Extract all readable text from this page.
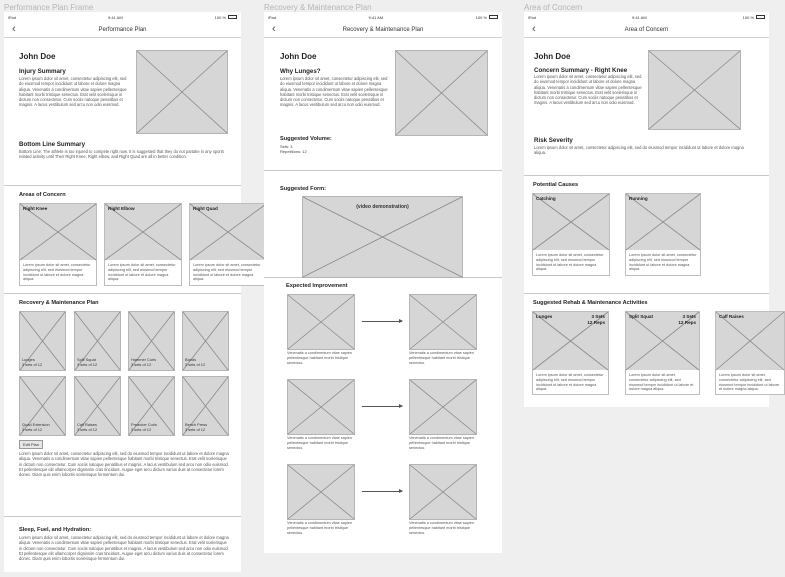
Performance Plan Frame	Recovery & Maintenance Plan	Area of Concern
iPad	9:41 AM	100 %
‹	Performance Plan
John Doe
Injury Summary
Lorem ipsum dolor sit amet, consectetur adipiscing elit, sed do eiusmod tempor incididunt ut labore et dolore magna aliqua. Venenatis a condimentum vitae sapien pellentesque habitant morbi tristique senectus. Erat velit scelerisque in dictum non consectetur. Cum sociis natoque penatibus et magnis. A lacus vestibulum sed arcu non odio euismod.
Bottom Line Summary
Bottom Line: The athlete is too injured to compete right now. It is suggested that they do not partake in any sports related activity until Their Right Knee, Right elbow, and Right Quad are all in better condition.
Areas of Concern
Right Knee
Lorem ipsum dolor sit amet, consectetur adipiscing elit, sed eiusmod tempor incididunt ut labore et dolore magna aliqua.
Right Elbow
Lorem ipsum dolor sit amet, consectetur adipiscing elit, sed eiusmod tempor incididunt ut labore et dolore magna aliqua.
Right Quad
Lorem ipsum dolor sit amet, consectetur adipiscing elit, sed eiusmod tempor incididunt ut labore et dolore magna aliqua.
Recovery & Maintenance Plan
Lunges
3 sets of 12
Split Squat
3 sets of 12
Hammer Curls
3 sets of 12
Bands
3 sets of 12
Quad Extension
3 sets of 12
Calf Raises
3 sets of 12
Preacher Curls
3 sets of 12
Bench Press
3 sets of 12
Edit Plan
Lorem ipsum dolor sit amet, consectetur adipiscing elit, sed do eiusmod tempor incididunt ut labore et dolore magna aliqua. Venenatis a condimentum vitae sapien pellentesque habitant morbi tristique senectus. Erat velit scelerisque in dictum non consectetur. Cum sociis natoque penatibus et magnis. A lacus vestibulum sed arcu non odio euismod. Et pellentesque elit ullamcorper dignissim cras tincidunt. Augue eget arcu dictum varius duis at consectetur lorem donec. Diam quis enim lobortis scelerisque fermentum dui.
Sleep, Fuel, and Hydration:
Lorem ipsum dolor sit amet, consectetur adipiscing elit, sed do eiusmod tempor incididunt ut labore et dolore magna aliqua. Venenatis a condimentum vitae sapien pellentesque habitant morbi tristique senectus. Erat velit scelerisque in dictum non consectetur. Cum sociis natoque penatibus et magnis. A lacus vestibulum sed arcu non odio euismod. Et pellentesque elit ullamcorper dignissim cras tincidunt. Augue eget arcu dictum varius duis at consectetur lorem donec. Diam quis enim lobortis scelerisque fermentum dui.
iPad	9:41 AM	100 %
‹	Recovery & Maintenance Plan
John Doe
Why Lunges?
Lorem ipsum dolor sit amet, consectetur adipiscing elit, sed do eiusmod tempor incididunt ut labore et dolore magna aliqua. Venenatis a condimentum vitae sapien pellentesque habitant morbi tristique senectus. Erat velit scelerisque in dictum non consectetur. Cum sociis natoque penatibus et magnis. A lacus vestibulum sed arcu non odio euismod.
Suggested Volume:
Sets: 3
Repetitions: 12
Suggested Form:
(video demonstration)
Expected Improvement
Venenatis a condimentum vitae sapien pellentesque habitant morbi tristique senectus.
Venenatis a condimentum vitae sapien pellentesque habitant morbi tristique senectus.
Venenatis a condimentum vitae sapien pellentesque habitant morbi tristique senectus.
Venenatis a condimentum vitae sapien pellentesque habitant morbi tristique senectus.
Venenatis a condimentum vitae sapien pellentesque habitant morbi tristique senectus.
Venenatis a condimentum vitae sapien pellentesque habitant morbi tristique senectus.
iPad	9:41 AM	100 %
‹	Area of Concern
John Doe
Concern Summary - Right Knee
Lorem ipsum dolor sit amet, consectetur adipiscing elit, sed do eiusmod tempor incididunt ut labore et dolore magna aliqua. Venenatis a condimentum vitae sapien pellentesque habitant morbi tristique senectus. Erat velit scelerisque in dictum non consectetur. Cum sociis natoque penatibus et magnis. A lacus vestibulum sed arcu non odio euismod.
Risk Severity
Lorem ipsum dolor sit amet, consectetur adipiscing elit, sed do eiusmod tempor incididunt ut labore et dolore magna aliqua.
Potential Causes
Catching
Lorem ipsum dolor sit amet, consectetur adipiscing elit, sed eiusmod tempor incididunt ut labore et dolore magna aliqua.
Running
Lorem ipsum dolor sit amet, consectetur adipiscing elit, sed eiusmod tempor incididunt ut labore et dolore magna aliqua.
Suggested Rehab & Maintenance Activities
Lunges	3 Sets
12 Reps
Lorem ipsum dolor sit amet, consectetur adipiscing elit, sed eiusmod tempor incididunt ut labore et dolore magna aliqua.
Split Squat	3 Sets
12 Reps
Lorem ipsum dolor sit amet, consectetur adipiscing elit, sed eiusmod tempor incididunt ut labore et dolore magna aliqua.
Calf Raises
Lorem ipsum dolor sit amet, consectetur adipiscing elit, sed eiusmod tempor incididunt ut labore et dolore magna aliqua.
